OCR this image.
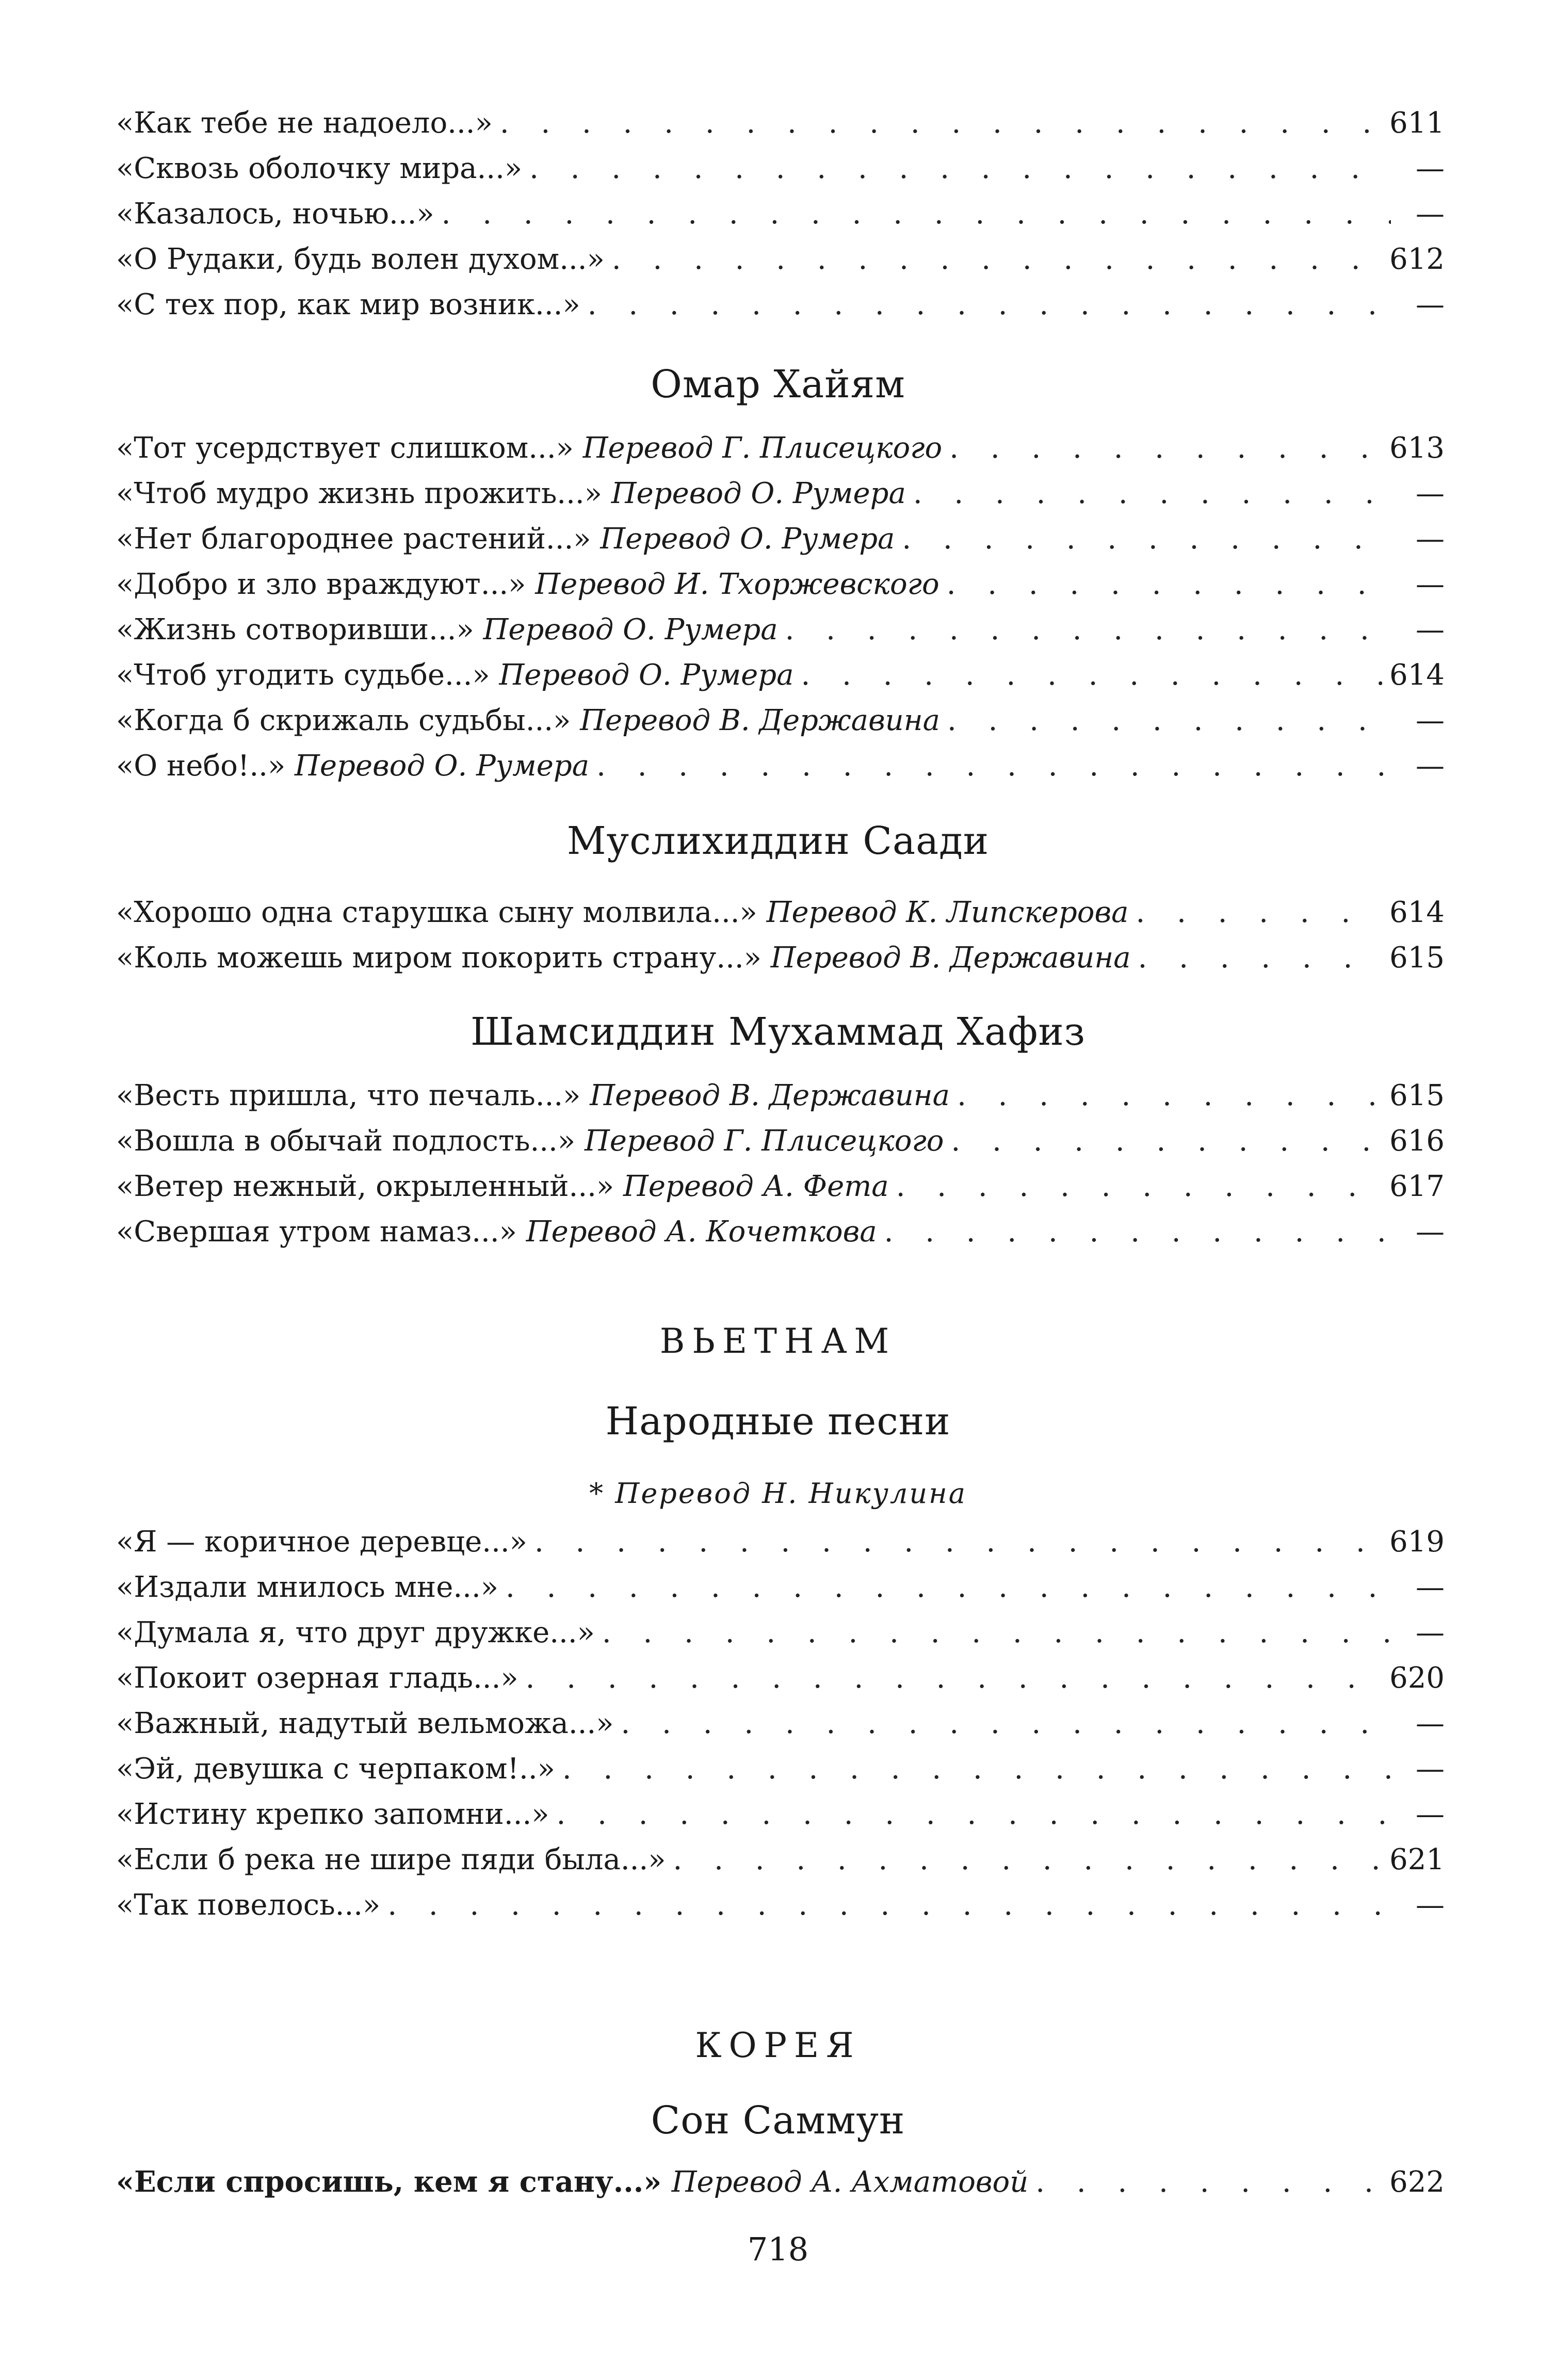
«Как тебе не надоело...» . . .	611
«Сквозь оболочку мира...» . . .	—
«Казалось, ночью...» . . .	—
«О Рудаки, будь волен духом...» . . .	612
«С тех пор, как мир возник...» . . .	—
Омар Хайям
«Тот усердствует слишком...» Перевод Г. Плисецкого . . .	613
«Чтоб мудро жизнь прожить...» Перевод О. Румера . . .	—
«Нет благороднее растений...» Перевод О. Румера . . .	—
«Добро и зло враждуют...» Перевод И. Тхоржевского . . .	—
«Жизнь сотворивши...» Перевод О. Румера . . .	—
«Чтоб угодить судьбе...» Перевод О. Румера . . .	614
«Когда б скрижаль судьбы...» Перевод В. Державина . . .	—
«О небо!..» Перевод О. Румера . . .	—
Муслихиддин Саади
«Хорошо одна старушка сыну молвила...» Перевод К. Липскерова . . .	614
«Коль можешь миром покорить страну...» Перевод В. Державина . . .	615
Шамсиддин Мухаммад Хафиз
«Весть пришла, что печаль...» Перевод В. Державина . . .	615
«Вошла в обычай подлость...» Перевод Г. Плисецкого . . .	616
«Ветер нежный, окрыленный...» Перевод А. Фета . . .	617
«Свершая утром намаз...» Перевод А. Кочеткова . . .	—
ВЬЕТНАМ
Народные песни
* Перевод Н. Никулина
«Я — коричное деревце...» . . .	619
«Издали мнилось мне...» . . .	—
«Думала я, что друг дружке...» . . .	—
«Покоит озерная гладь...» . . .	620
«Важный, надутый вельможа...» . . .	—
«Эй, девушка с черпаком!..» . . .	—
«Истину крепко запомни...» . . .	—
«Если б река не шире пяди была...» . . .	621
«Так повелось...» . . .	—
КОРЕЯ
Сон Саммун
«Если спросишь, кем я стану...» Перевод А. Ахматовой . . .	622
718
